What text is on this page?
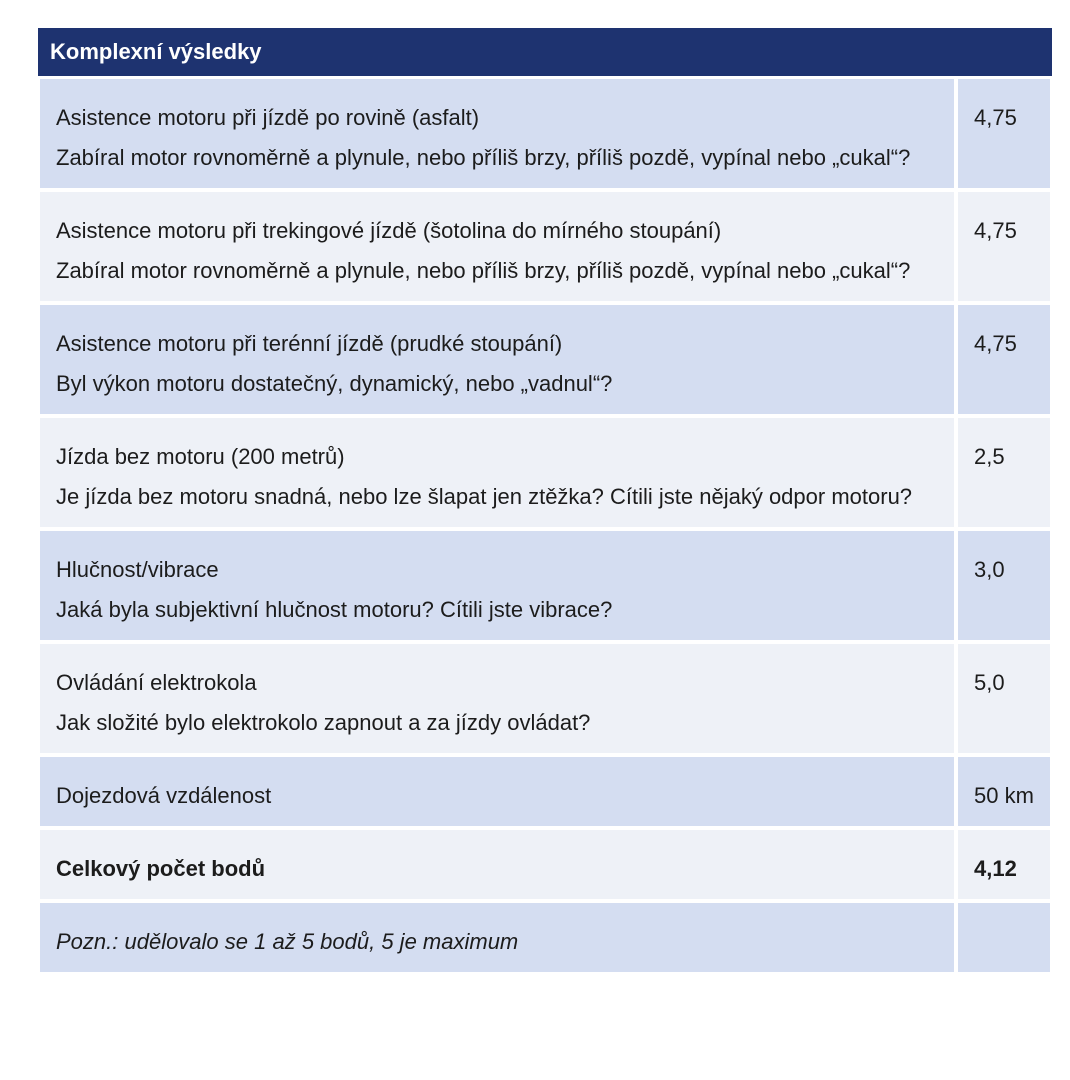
Komplexní výsledky
Asistence motoru při jízdě po rovině (asfalt)
Zabíral motor rovnoměrně a plynule, nebo příliš brzy, příliš pozdě, vypínal nebo „cukal“?
4,75
Asistence motoru při trekingové jízdě (šotolina do mírného stoupání)
Zabíral motor rovnoměrně a plynule, nebo příliš brzy, příliš pozdě, vypínal nebo „cukal“?
4,75
Asistence motoru při terénní jízdě (prudké stoupání)
Byl výkon motoru dostatečný, dynamický, nebo „vadnul“?
4,75
Jízda bez motoru (200 metrů)
Je jízda bez motoru snadná, nebo lze šlapat jen ztěžka? Cítili jste nějaký odpor motoru?
2,5
Hlučnost/vibrace
Jaká byla subjektivní hlučnost motoru? Cítili jste vibrace?
3,0
Ovládání elektrokola
Jak složité bylo elektrokolo zapnout a za jízdy ovládat?
5,0
Dojezdová vzdálenost	50 km
Celkový počet bodů	4,12
Pozn.: udělovalo se 1 až 5 bodů, 5 je maximum
